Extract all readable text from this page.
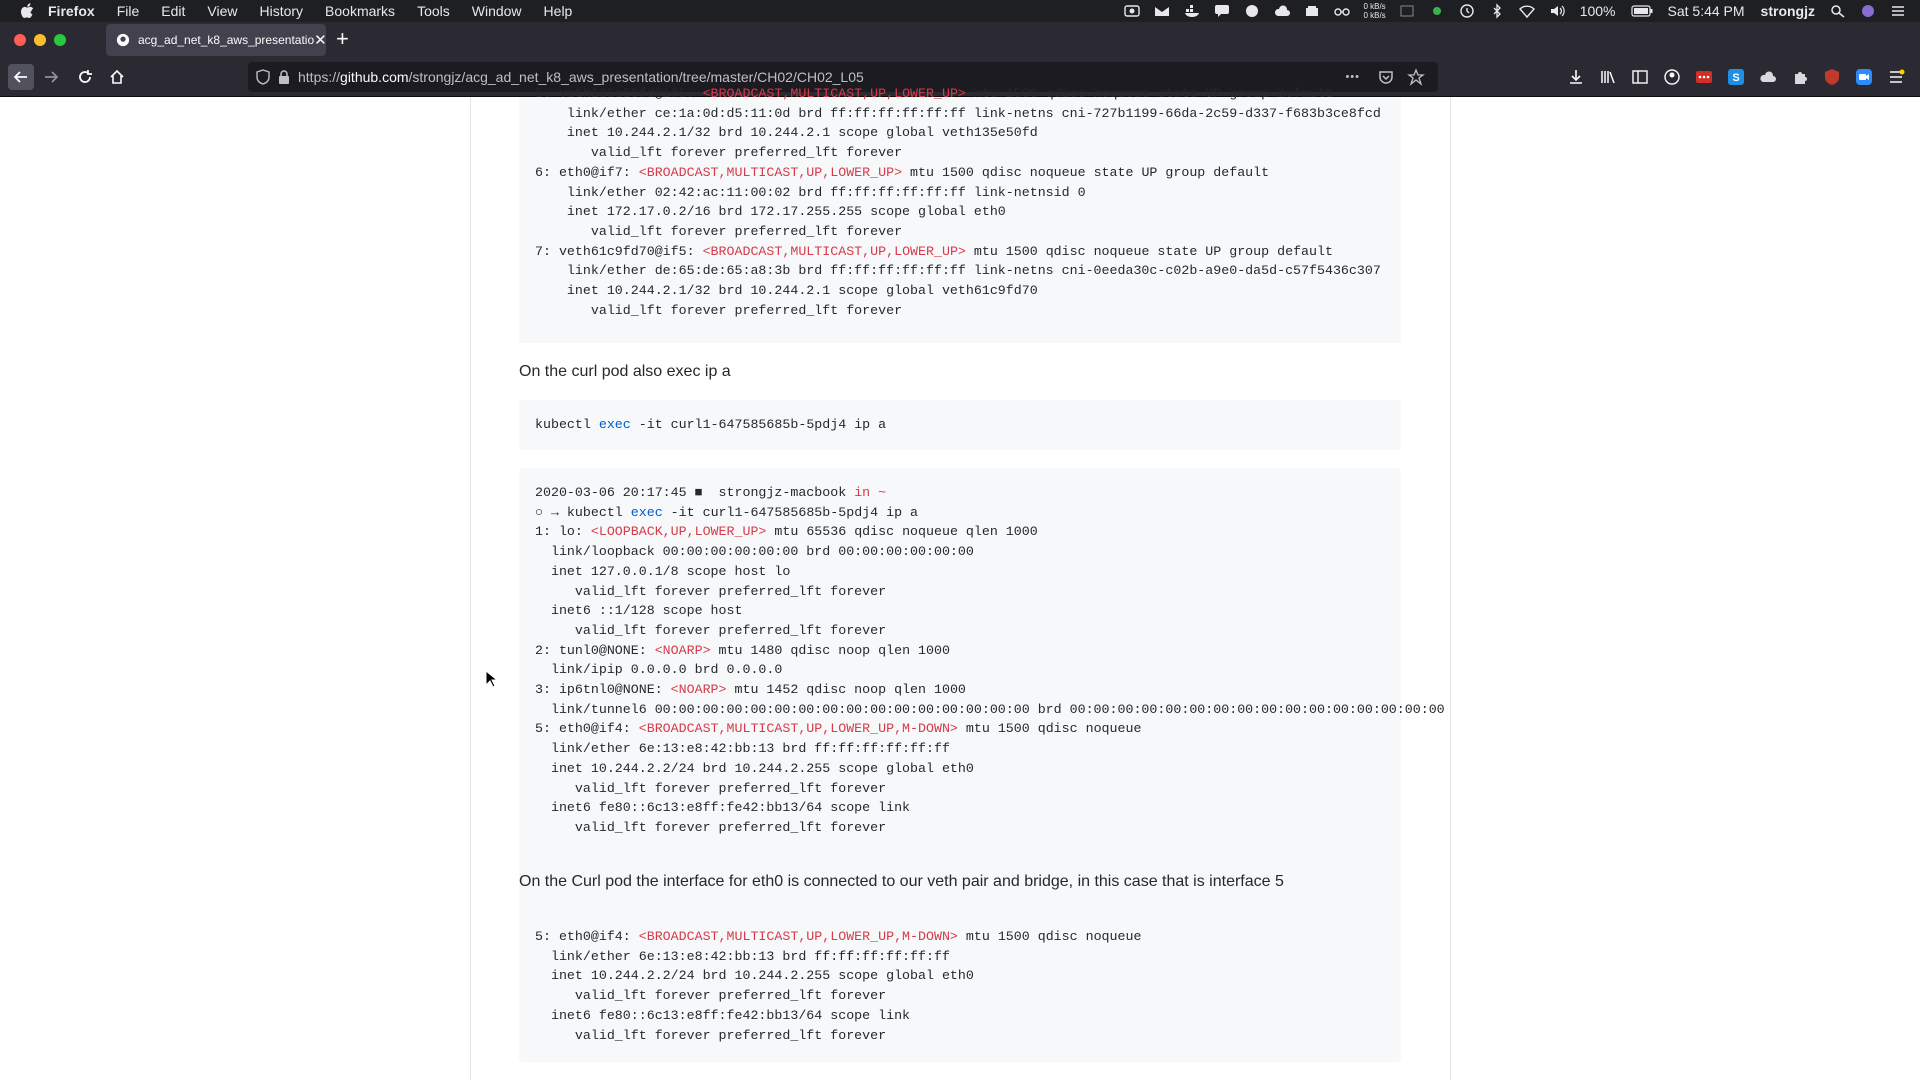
Firefox File Edit View History Bookmarks Tools Window Help	0 kB/s
0 kB/s	100%	Sat 5:44 PM strongjz
acg_ad_net_k8_aws_presentatio ✕ +
https://github.com/strongjz/acg_ad_net_k8_aws_presentation/tree/master/CH02/CH02_L05	•••	S
5: veth135e50fd@if5: <BROADCAST,MULTICAST,UP,LOWER_UP> mtu 1500 qdisc noqueue state UP group default
link/ether ce:1a:0d:d5:11:0d brd ff:ff:ff:ff:ff:ff link-netns cni-727b1199-66da-2c59-d337-f683b3ce8fcd
inet 10.244.2.1/32 brd 10.244.2.1 scope global veth135e50fd
valid_lft forever preferred_lft forever
6: eth0@if7: <BROADCAST,MULTICAST,UP,LOWER_UP> mtu 1500 qdisc noqueue state UP group default
link/ether 02:42:ac:11:00:02 brd ff:ff:ff:ff:ff:ff link-netnsid 0
inet 172.17.0.2/16 brd 172.17.255.255 scope global eth0
valid_lft forever preferred_lft forever
7: veth61c9fd70@if5: <BROADCAST,MULTICAST,UP,LOWER_UP> mtu 1500 qdisc noqueue state UP group default
link/ether de:65:de:65:a8:3b brd ff:ff:ff:ff:ff:ff link-netns cni-0eeda30c-c02b-a9e0-da5d-c57f5436c307
inet 10.244.2.1/32 brd 10.244.2.1 scope global veth61c9fd70
valid_lft forever preferred_lft forever
On the curl pod also exec ip a
kubectl exec -it curl1-647585685b-5pdj4 ip a
2020-03-06 20:17:45 ■  strongjz-macbook in ~
○ → kubectl exec -it curl1-647585685b-5pdj4 ip a
1: lo: <LOOPBACK,UP,LOWER_UP> mtu 65536 qdisc noqueue qlen 1000
link/loopback 00:00:00:00:00:00 brd 00:00:00:00:00:00
inet 127.0.0.1/8 scope host lo
valid_lft forever preferred_lft forever
inet6 ::1/128 scope host
valid_lft forever preferred_lft forever
2: tunl0@NONE: <NOARP> mtu 1480 qdisc noop qlen 1000
link/ipip 0.0.0.0 brd 0.0.0.0
3: ip6tnl0@NONE: <NOARP> mtu 1452 qdisc noop qlen 1000
link/tunnel6 00:00:00:00:00:00:00:00:00:00:00:00:00:00:00:00 brd 00:00:00:00:00:00:00:00:00:00:00:00:00:00:00:00
5: eth0@if4: <BROADCAST,MULTICAST,UP,LOWER_UP,M-DOWN> mtu 1500 qdisc noqueue
link/ether 6e:13:e8:42:bb:13 brd ff:ff:ff:ff:ff:ff
inet 10.244.2.2/24 brd 10.244.2.255 scope global eth0
valid_lft forever preferred_lft forever
inet6 fe80::6c13:e8ff:fe42:bb13/64 scope link
valid_lft forever preferred_lft forever
On the Curl pod the interface for eth0 is connected to our veth pair and bridge, in this case that is interface 5
5: eth0@if4: <BROADCAST,MULTICAST,UP,LOWER_UP,M-DOWN> mtu 1500 qdisc noqueue
link/ether 6e:13:e8:42:bb:13 brd ff:ff:ff:ff:ff:ff
inet 10.244.2.2/24 brd 10.244.2.255 scope global eth0
valid_lft forever preferred_lft forever
inet6 fe80::6c13:e8ff:fe42:bb13/64 scope link
valid_lft forever preferred_lft forever
